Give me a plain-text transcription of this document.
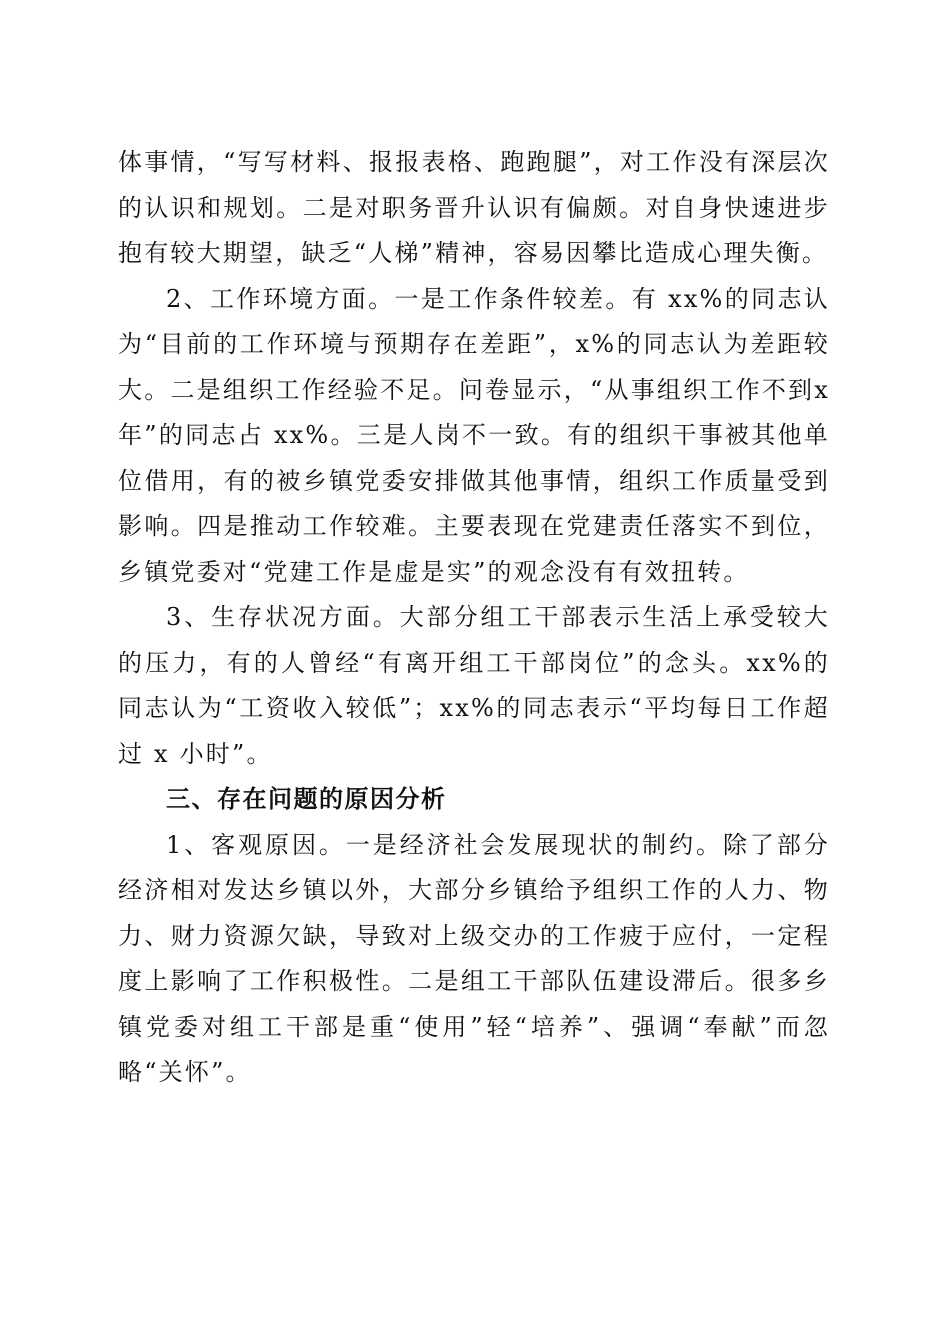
体事情，“写写材料、报报表格、跑跑腿”，对工作没有深层次的认识和规划。二是对职务晋升认识有偏颇。对自身快速进步抱有较大期望，缺乏“人梯”精神，容易因攀比造成心理失衡。

2、工作环境方面。一是工作条件较差。有 xx%的同志认为“目前的工作环境与预期存在差距”，x%的同志认为差距较大。二是组织工作经验不足。问卷显示，“从事组织工作不到x 年”的同志占 xx%。三是人岗不一致。有的组织干事被其他单位借用，有的被乡镇党委安排做其他事情，组织工作质量受到影响。四是推动工作较难。主要表现在党建责任落实不到位，乡镇党委对“党建工作是虚是实”的观念没有有效扭转。

3、生存状况方面。大部分组工干部表示生活上承受较大的压力，有的人曾经“有离开组工干部岗位”的念头。xx%的同志认为“工资收入较低”；xx%的同志表示“平均每日工作超过 x 小时”。

三、存在问题的原因分析

1、客观原因。一是经济社会发展现状的制约。除了部分经济相对发达乡镇以外，大部分乡镇给予组织工作的人力、物力、财力资源欠缺，导致对上级交办的工作疲于应付，一定程度上影响了工作积极性。二是组工干部队伍建设滞后。很多乡镇党委对组工干部是重“使用”轻“培养”、强调“奉献”而忽略“关怀”。
